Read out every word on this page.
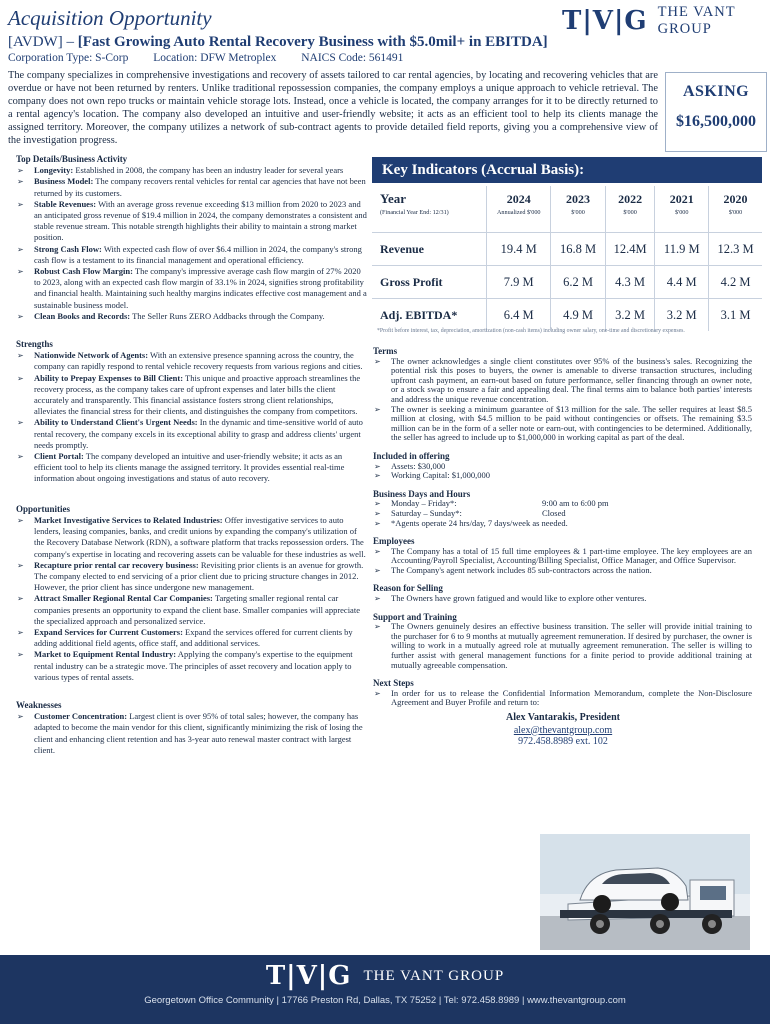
Acquisition Opportunity	T|V|G THE VANT GROUP
[AVDW] – [Fast Growing Auto Rental Recovery Business with $5.0mil+ in EBITDA]
Corporation Type: S-Corp Location: DFW Metroplex NAICS Code: 561491
The company specializes in comprehensive investigations and recovery of assets tailored to car rental agencies, by locating and recovering vehicles that are overdue or have not been returned by renters. Unlike traditional repossession companies, the company employs a unique approach to vehicle retrieval. The company does not own repo trucks or maintain vehicle storage lots. Instead, once a vehicle is located, the company arranges for it to be directly returned to a rental agency's location. The company also developed an intuitive and user-friendly website; it acts as an efficient tool to help its clients manage the assigned territory. Moreover, the company utilizes a network of sub-contract agents to provide detailed field reports, giving you a comprehensive view of the investigation progress.
ASKING
$16,500,000
Top Details/Business Activity
➢ Longevity: Established in 2008, the company has been an industry leader for several years
➢ Business Model: The company recovers rental vehicles for rental car agencies that have not been returned by its customers.
➢ Stable Revenues: With an average gross revenue exceeding $13 million from 2020 to 2023 and an anticipated gross revenue of $19.4 million in 2024, the company demonstrates a consistent and stable revenue stream. This notable strength highlights their ability to maintain a strong market position.
➢ Strong Cash Flow: With expected cash flow of over $6.4 million in 2024, the company's strong cash flow is a testament to its financial management and operational efficiency.
➢ Robust Cash Flow Margin: The company's impressive average cash flow margin of 27% 2020 to 2023, along with an expected cash flow margin of 33.1% in 2024, signifies strong profitability and financial health. Maintaining such healthy margins indicates effective cost management and a sustainable business model.
➢ Clean Books and Records: The Seller Runs ZERO Addbacks through the Company.
Strengths
➢ Nationwide Network of Agents: With an extensive presence spanning across the country, the company can rapidly respond to rental vehicle recovery requests from various regions and cities.
➢ Ability to Prepay Expenses to Bill Client: This unique and proactive approach streamlines the recovery process, as the company takes care of upfront expenses and later bills the client accurately and transparently. This financial assistance fosters strong client relationships, alleviates the financial stress for their clients, and distinguishes the company from competitors.
➢ Ability to Understand Client's Urgent Needs: In the dynamic and time-sensitive world of auto rental recovery, the company excels in its exceptional ability to grasp and address clients' urgent needs promptly.
➢ Client Portal: The company developed an intuitive and user-friendly website; it acts as an efficient tool to help its clients manage the assigned territory. It provides essential real-time information about ongoing investigations and status of auto recovery.
Opportunities
➢ Market Investigative Services to Related Industries: Offer investigative services to auto lenders, leasing companies, banks, and credit unions by expanding the company's utilization of the Recovery Database Network (RDN), a software platform that tracks repossession orders. The company's expertise in locating and recovering assets can be valuable for these industries as well.
➢ Recapture prior rental car recovery business: Revisiting prior clients is an avenue for growth. The company elected to end servicing of a prior client due to pricing structure changes in 2012. However, the prior client has since undergone new management.
➢ Attract Smaller Regional Rental Car Companies: Targeting smaller regional rental car companies presents an opportunity to expand the client base. Smaller companies will appreciate the specialized approach and personalized service.
➢ Expand Services for Current Customers: Expand the services offered for current clients by adding additional field agents, office staff, and additional services.
➢ Market to Equipment Rental Industry: Applying the company's expertise to the equipment rental industry can be a strategic move. The principles of asset recovery and location apply to various types of rental assets.
Weaknesses
➢ Customer Concentration: Largest client is over 95% of total sales; however, the company has adapted to become the main vendor for this client, significantly minimizing the risk of losing the client and enhancing client retention and has 3-year auto renewal master contract with largest client.
Key Indicators (Accrual Basis):
Year	2024	2023	2022	2021	2020
(Financial Year End: 12/31)	Annualized $'000	$'000	$'000	$'000	$'000
Revenue	19.4 M	16.8 M	12.4M	11.9 M	12.3 M
Gross Profit	7.9 M	6.2 M	4.3 M	4.4 M	4.2 M
Adj. EBITDA*	6.4 M	4.9 M	3.2 M	3.2 M	3.1 M
*Profit before interest, tax, depreciation, amortization (non-cash items) including owner salary, one-time and discretionary expenses.
Terms
➢ The owner acknowledges a single client constitutes over 95% of the business's sales. Recognizing the potential risk this poses to buyers, the owner is amenable to diverse transaction structures, including upfront cash payment, an earn-out based on future performance, seller financing through an owner note, or a stock swap to ensure a fair and appealing deal. The final terms aim to balance both parties' interests and address the unique revenue concentration.
➢ The owner is seeking a minimum guarantee of $13 million for the sale. The seller requires at least $8.5 million at closing, with $4.5 million to be paid without contingencies or offsets. The remaining $3.5 million can be in the form of a seller note or earn-out, with contingencies to be determined. Additionally, the seller has agreed to include up to $1,000,000 in working capital as part of the deal.
Included in offering
➢ Assets: $30,000
➢ Working Capital: $1,000,000
Business Days and Hours
➢ Monday – Friday*:	9:00 am to 6:00 pm
➢ Saturday – Sunday*:	Closed
➢ *Agents operate 24 hrs/day, 7 days/week as needed.
Employees
➢ The Company has a total of 15 full time employees & 1 part-time employee. The key employees are an Accounting/Payroll Specialist, Accounting/Billing Specialist, Office Manager, and Office Supervisor.
➢ The Company's agent network includes 85 sub-contractors across the nation.
Reason for Selling
➢ The Owners have grown fatigued and would like to explore other ventures.
Support and Training
➢ The Owners genuinely desires an effective business transition. The seller will provide initial training to the purchaser for 6 to 9 months at mutually agreement remuneration. If desired by purchaser, the owner is willing to work in a mutually agreed role at mutually agreement remuneration. The seller is willing to further assist with general management functions for a finite period to provide additional training at mutually agreeable compensation.
Next Steps
➢ In order for us to release the Confidential Information Memorandum, complete the Non-Disclosure Agreement and Buyer Profile and return to:
Alex Vantarakis, President
alex@thevantgroup.com
972.458.8989 ext. 102
T|V|G THE VANT GROUP
Georgetown Office Community | 17766 Preston Rd, Dallas, TX 75252 | Tel: 972.458.8989 | www.thevantgroup.com
